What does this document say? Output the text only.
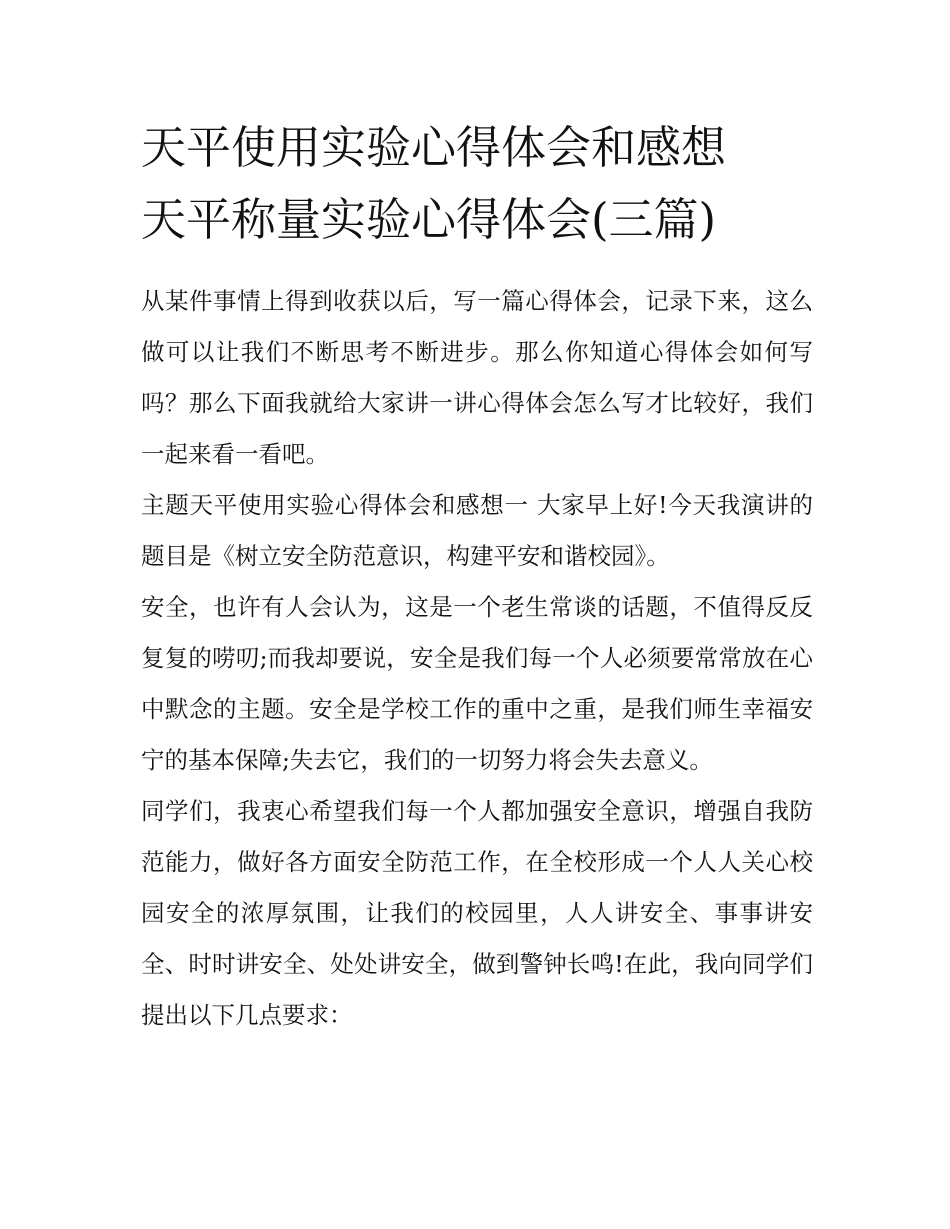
天平使用实验心得体会和感想
天平称量实验心得体会(三篇)

从某件事情上得到收获以后，写一篇心得体会，记录下来，这么做可以让我们不断思考不断进步。那么你知道心得体会如何写吗？那么下面我就给大家讲一讲心得体会怎么写才比较好，我们一起来看一看吧。

主题天平使用实验心得体会和感想一 大家早上好!今天我演讲的题目是《树立安全防范意识，构建平安和谐校园》。

安全，也许有人会认为，这是一个老生常谈的话题，不值得反反复复的唠叨;而我却要说，安全是我们每一个人必须要常常放在心中默念的主题。安全是学校工作的重中之重，是我们师生幸福安宁的基本保障;失去它，我们的一切努力将会失去意义。

同学们，我衷心希望我们每一个人都加强安全意识，增强自我防范能力，做好各方面安全防范工作，在全校形成一个人人关心校园安全的浓厚氛围，让我们的校园里，人人讲安全、事事讲安全、时时讲安全、处处讲安全，做到警钟长鸣!在此，我向同学们提出以下几点要求：
